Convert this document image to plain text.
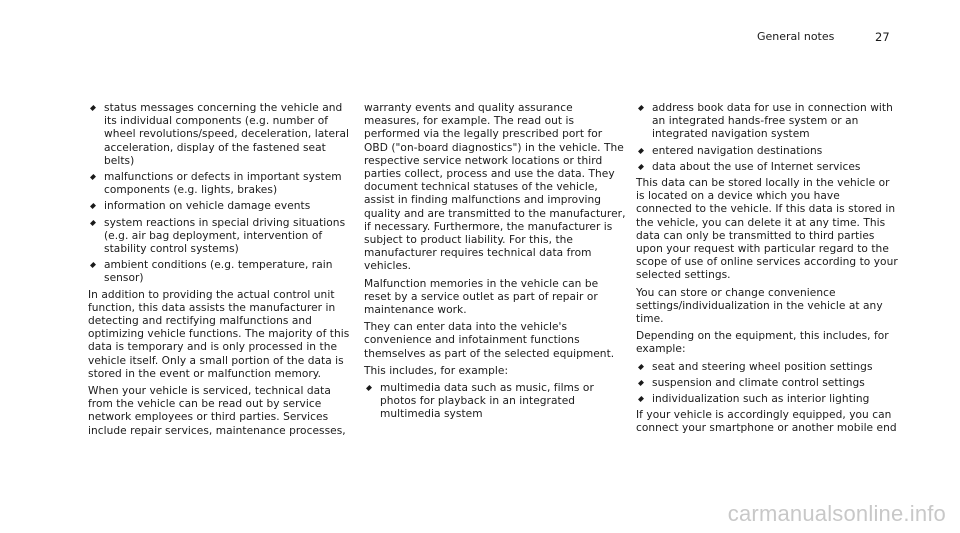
General notes	27
status messages concerning the vehicle and its individual components (e.g. number of wheel revolutions/speed, deceleration, lateral acceleration, display of the fastened seat belts)
malfunctions or defects in important system components (e.g. lights, brakes)
information on vehicle damage events
system reactions in special driving situations (e.g. air bag deployment, intervention of stability control systems)
ambient conditions (e.g. temperature, rain sensor)

In addition to providing the actual control unit function, this data assists the manufacturer in detecting and rectifying malfunctions and optimizing vehicle functions. The majority of this data is temporary and is only processed in the vehicle itself. Only a small portion of the data is stored in the event or malfunction memory.

When your vehicle is serviced, technical data from the vehicle can be read out by service network employees or third parties. Services include repair services, maintenance processes,

warranty events and quality assurance measures, for example. The read out is performed via the legally prescribed port for OBD ("on-board diagnostics") in the vehicle. The respective service network locations or third parties collect, process and use the data. They document technical statuses of the vehicle, assist in finding malfunctions and improving quality and are transmitted to the manufacturer, if necessary. Furthermore, the manufacturer is subject to product liability. For this, the manufacturer requires technical data from vehicles.

Malfunction memories in the vehicle can be reset by a service outlet as part of repair or maintenance work.

They can enter data into the vehicle's convenience and infotainment functions themselves as part of the selected equipment.

This includes, for example:

multimedia data such as music, films or photos for playback in an integrated multimedia system
address book data for use in connection with an integrated hands-free system or an integrated navigation system
entered navigation destinations
data about the use of Internet services

This data can be stored locally in the vehicle or is located on a device which you have connected to the vehicle. If this data is stored in the vehicle, you can delete it at any time. This data can only be transmitted to third parties upon your request with particular regard to the scope of use of online services according to your selected settings.

You can store or change convenience settings/individualization in the vehicle at any time.

Depending on the equipment, this includes, for example:

seat and steering wheel position settings
suspension and climate control settings
individualization such as interior lighting

If your vehicle is accordingly equipped, you can connect your smartphone or another mobile end

carmanualsonline.info
